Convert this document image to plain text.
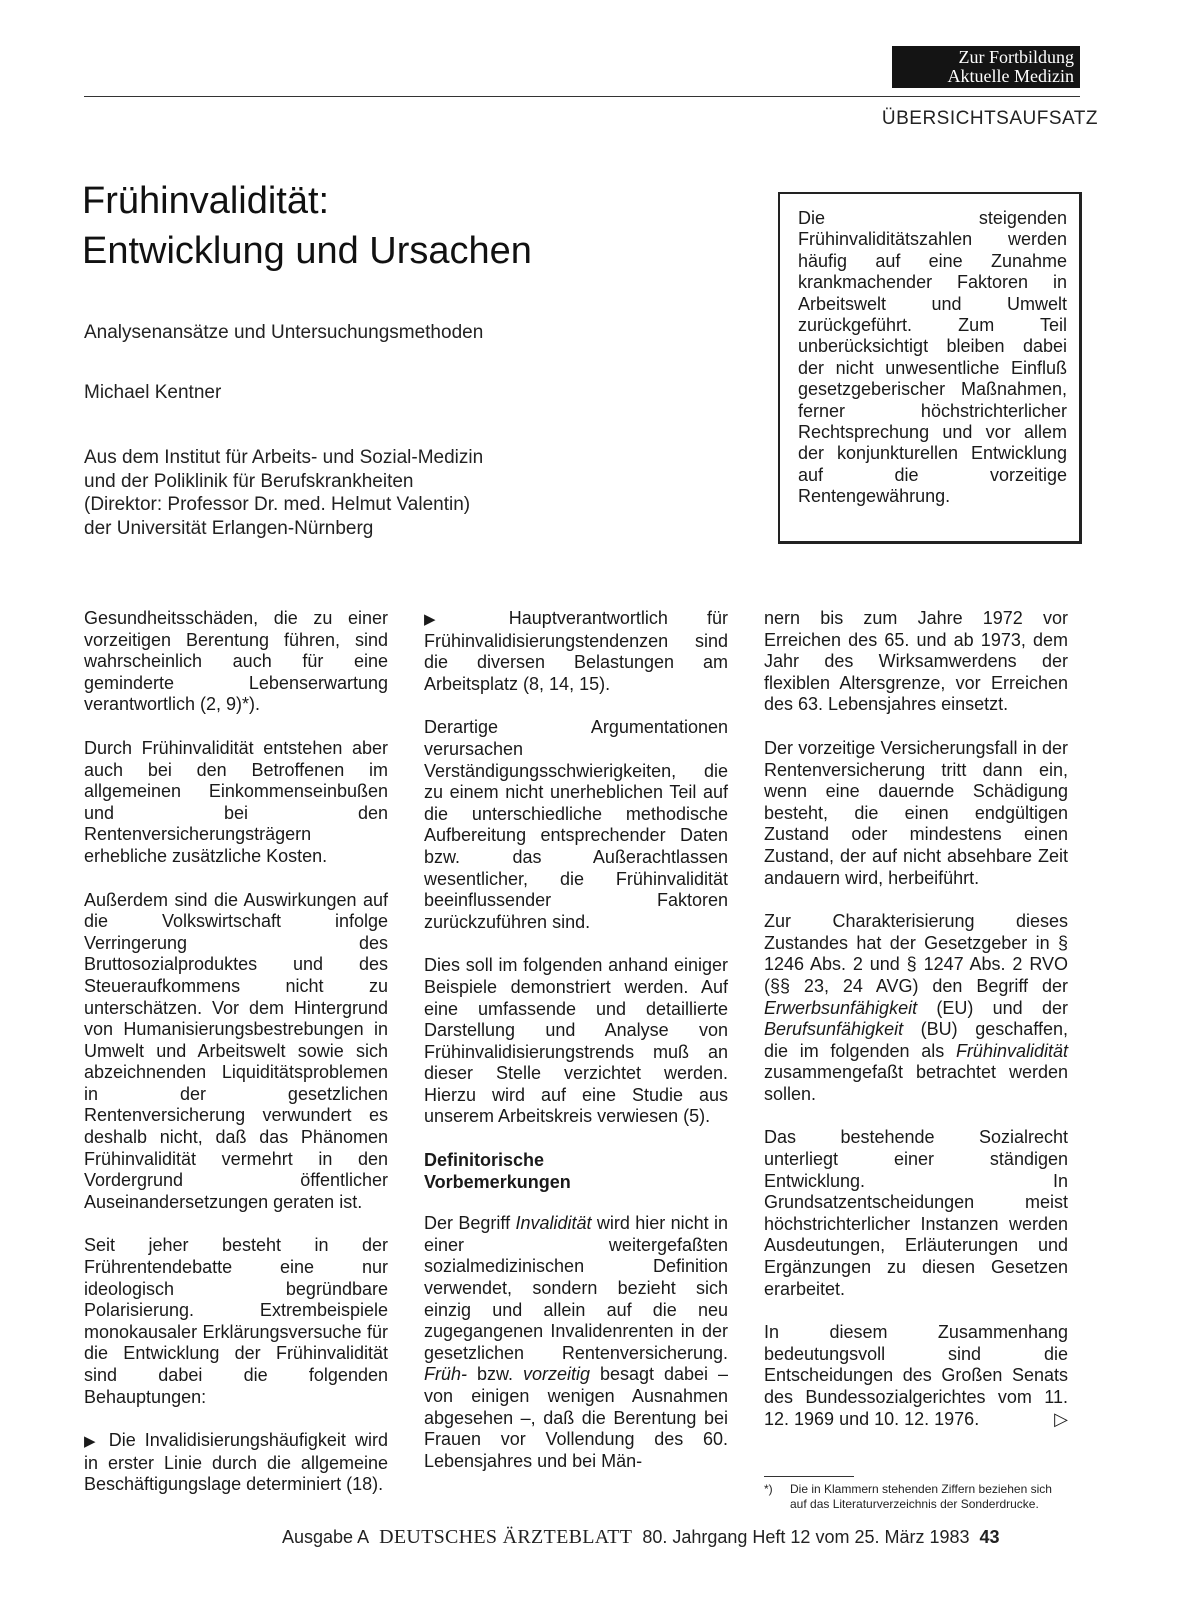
Zur Fortbildung
Aktuelle Medizin
ÜBERSICHTSAUFSATZ
Frühinvalidität:
Entwicklung und Ursachen
Analysenansätze und Untersuchungsmethoden
Michael Kentner
Aus dem Institut für Arbeits- und Sozial-Medizin
und der Poliklinik für Berufskrankheiten
(Direktor: Professor Dr. med. Helmut Valentin)
der Universität Erlangen-Nürnberg
Die steigenden Frühinvaliditätszahlen werden häufig auf eine Zunahme krankmachender Faktoren in Arbeitswelt und Umwelt zurückgeführt. Zum Teil unberücksichtigt bleiben dabei der nicht unwesentliche Einfluß gesetzgeberischer Maßnahmen, ferner höchstrichterlicher Rechtsprechung und vor allem der konjunkturellen Entwicklung auf die vorzeitige Rentengewährung.

Gesundheitsschäden, die zu einer vorzeitigen Berentung führen, sind wahrscheinlich auch für eine geminderte Lebenserwartung verantwortlich (2, 9)*).

Durch Frühinvalidität entstehen aber auch bei den Betroffenen im allgemeinen Einkommenseinbußen und bei den Rentenversicherungsträgern erhebliche zusätzliche Kosten.

Außerdem sind die Auswirkungen auf die Volkswirtschaft infolge Verringerung des Bruttosozialproduktes und des Steueraufkommens nicht zu unterschätzen. Vor dem Hintergrund von Humanisierungsbestrebungen in Umwelt und Arbeitswelt sowie sich abzeichnenden Liquiditätsproblemen in der gesetzlichen Rentenversicherung verwundert es deshalb nicht, daß das Phänomen Frühinvalidität vermehrt in den Vordergrund öffentlicher Auseinandersetzungen geraten ist.

Seit jeher besteht in der Frührentendebatte eine nur ideologisch begründbare Polarisierung. Extrembeispiele monokausaler Erklärungsversuche für die Entwicklung der Frühinvalidität sind dabei die folgenden Behauptungen:

▶ Die Invalidisierungshäufigkeit wird in erster Linie durch die allgemeine Beschäftigungslage determiniert (18).

▶ Hauptverantwortlich für Frühinvalidisierungstendenzen sind die diversen Belastungen am Arbeitsplatz (8, 14, 15).

Derartige Argumentationen verursachen Verständigungsschwierigkeiten, die zu einem nicht unerheblichen Teil auf die unterschiedliche methodische Aufbereitung entsprechender Daten bzw. das Außerachtlassen wesentlicher, die Frühinvalidität beeinflussender Faktoren zurückzuführen sind.

Dies soll im folgenden anhand einiger Beispiele demonstriert werden. Auf eine umfassende und detaillierte Darstellung und Analyse von Frühinvalidisierungstrends muß an dieser Stelle verzichtet werden. Hierzu wird auf eine Studie aus unserem Arbeitskreis verwiesen (5).

Definitorische
Vorbemerkungen

Der Begriff Invalidität wird hier nicht in einer weitergefaßten sozialmedizinischen Definition verwendet, sondern bezieht sich einzig und allein auf die neu zugegangenen Invalidenrenten in der gesetzlichen Rentenversicherung. Früh- bzw. vorzeitig besagt dabei – von einigen wenigen Ausnahmen abgesehen –, daß die Berentung bei Frauen vor Vollendung des 60. Lebensjahres und bei Män-

nern bis zum Jahre 1972 vor Erreichen des 65. und ab 1973, dem Jahr des Wirksamwerdens der flexiblen Altersgrenze, vor Erreichen des 63. Lebensjahres einsetzt.

Der vorzeitige Versicherungsfall in der Rentenversicherung tritt dann ein, wenn eine dauernde Schädigung besteht, die einen endgültigen Zustand oder mindestens einen Zustand, der auf nicht absehbare Zeit andauern wird, herbeiführt.

Zur Charakterisierung dieses Zustandes hat der Gesetzgeber in § 1246 Abs. 2 und § 1247 Abs. 2 RVO (§§ 23, 24 AVG) den Begriff der Erwerbsunfähigkeit (EU) und der Berufsunfähigkeit (BU) geschaffen, die im folgenden als Frühinvalidität zusammengefaßt betrachtet werden sollen.

Das bestehende Sozialrecht unterliegt einer ständigen Entwicklung. In Grundsatzentscheidungen meist höchstrichterlicher Instanzen werden Ausdeutungen, Erläuterungen und Ergänzungen zu diesen Gesetzen erarbeitet.

In diesem Zusammenhang bedeutungsvoll sind die Entscheidungen des Großen Senats des Bundessozialgerichtes vom 11. 12. 1969 und 10. 12. 1976.	▷

*) Die in Klammern stehenden Ziffern beziehen sich auf das Literaturverzeichnis der Sonderdrucke.
Ausgabe A DEUTSCHES ÄRZTEBLATT 80. Jahrgang Heft 12 vom 25. März 1983 43
